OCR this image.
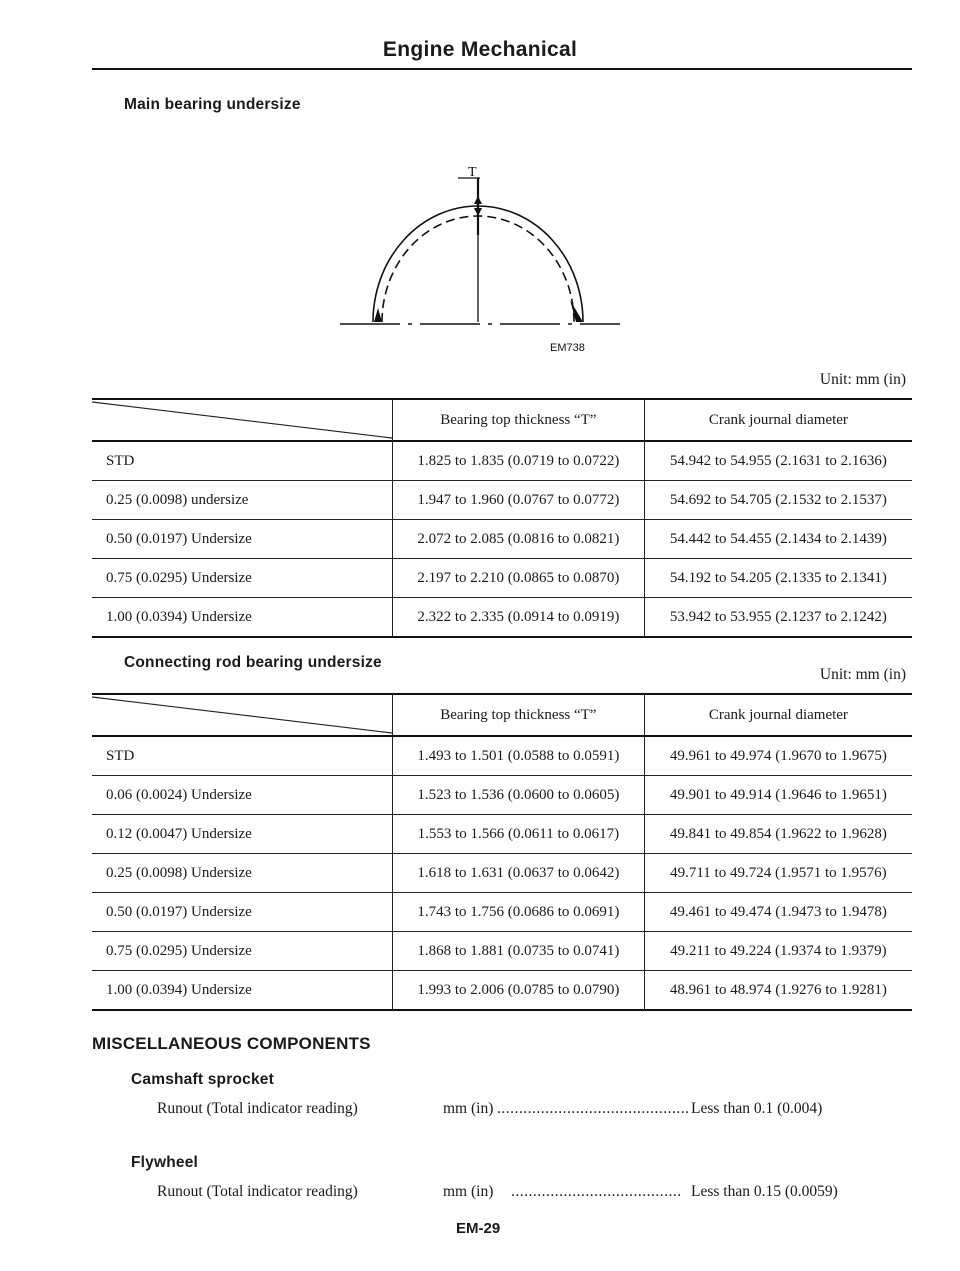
Engine Mechanical
Main bearing undersize
T
EM738
Unit: mm (in)
	Bearing top thickness “T”	Crank journal diameter
STD	1.825 to 1.835 (0.0719 to 0.0722)	54.942 to 54.955 (2.1631 to 2.1636)
0.25 (0.0098) undersize	1.947 to 1.960 (0.0767 to 0.0772)	54.692 to 54.705 (2.1532 to 2.1537)
0.50 (0.0197) Undersize	2.072 to 2.085 (0.0816 to 0.0821)	54.442 to 54.455 (2.1434 to 2.1439)
0.75 (0.0295) Undersize	2.197 to 2.210 (0.0865 to 0.0870)	54.192 to 54.205 (2.1335 to 2.1341)
1.00 (0.0394) Undersize	2.322 to 2.335 (0.0914 to 0.0919)	53.942 to 53.955 (2.1237 to 2.1242)
Connecting rod bearing undersize
Unit: mm (in)
	Bearing top thickness “T”	Crank journal diameter
STD	1.493 to 1.501 (0.0588 to 0.0591)	49.961 to 49.974 (1.9670 to 1.9675)
0.06 (0.0024) Undersize	1.523 to 1.536 (0.0600 to 0.0605)	49.901 to 49.914 (1.9646 to 1.9651)
0.12 (0.0047) Undersize	1.553 to 1.566 (0.0611 to 0.0617)	49.841 to 49.854 (1.9622 to 1.9628)
0.25 (0.0098) Undersize	1.618 to 1.631 (0.0637 to 0.0642)	49.711 to 49.724 (1.9571 to 1.9576)
0.50 (0.0197) Undersize	1.743 to 1.756 (0.0686 to 0.0691)	49.461 to 49.474 (1.9473 to 1.9478)
0.75 (0.0295) Undersize	1.868 to 1.881 (0.0735 to 0.0741)	49.211 to 49.224 (1.9374 to 1.9379)
1.00 (0.0394) Undersize	1.993 to 2.006 (0.0785 to 0.0790)	48.961 to 48.974 (1.9276 to 1.9281)
MISCELLANEOUS COMPONENTS
Camshaft sprocket
Runout (Total indicator reading)	mm (in) ............................................ Less than 0.1 (0.004)
Flywheel
Runout (Total indicator reading)	mm (in) ....................................... Less than 0.15 (0.0059)
EM-29
